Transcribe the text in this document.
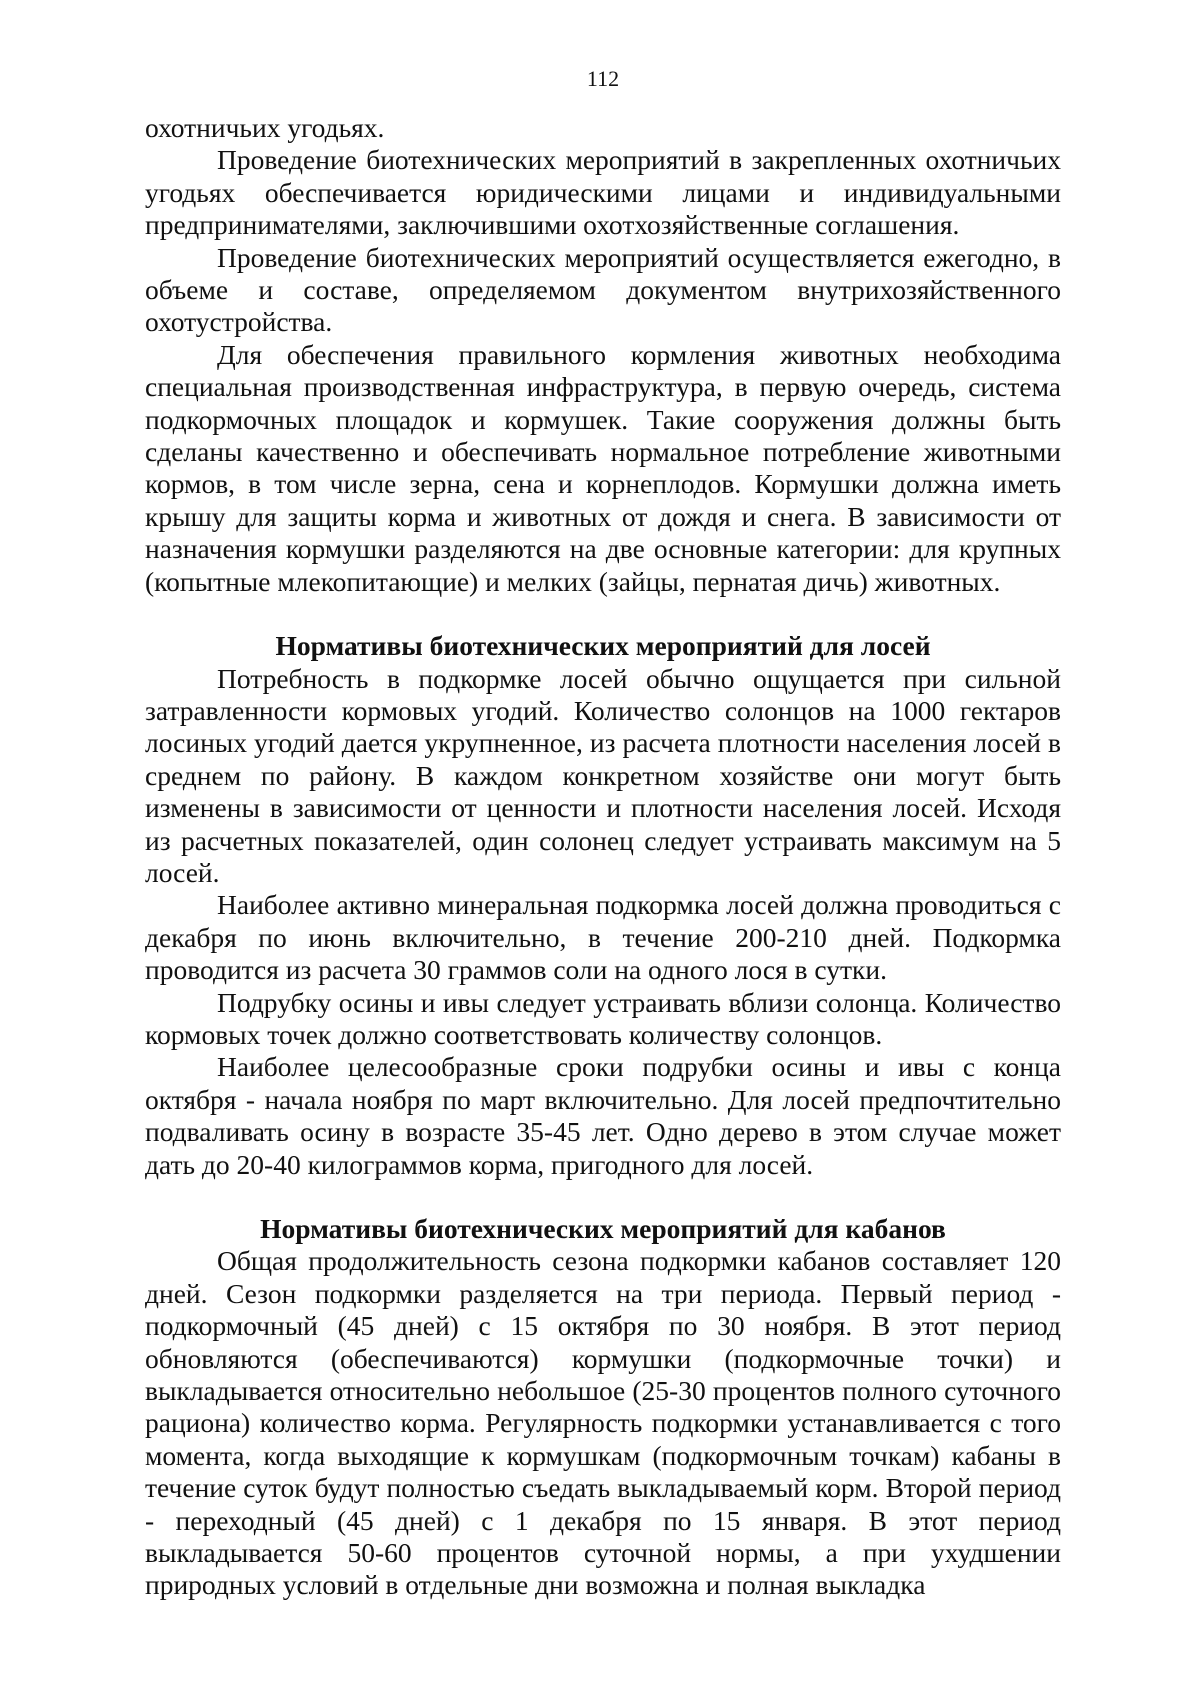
112

охотничьих угодьях.

Проведение биотехнических мероприятий в закрепленных охотничьих угодьях обеспечивается юридическими лицами и индивидуальными предпринимателями, заключившими охотхозяйственные соглашения.

Проведение биотехнических мероприятий осуществляется ежегодно, в объеме и составе, определяемом документом внутрихозяйственного охотустройства.

Для обеспечения правильного кормления животных необходима специальная производственная инфраструктура, в первую очередь, система подкормочных площадок и кормушек. Такие сооружения должны быть сделаны качественно и обеспечивать нормальное потребление животными кормов, в том числе зерна, сена и корнеплодов. Кормушки должна иметь крышу для защиты корма и животных от дождя и снега. В зависимости от назначения кормушки разделяются на две основные категории: для крупных (копытные млекопитающие) и мелких (зайцы, пернатая дичь) животных.

Нормативы биотехнических мероприятий для лосей

Потребность в подкормке лосей обычно ощущается при сильной затравленности кормовых угодий. Количество солонцов на 1000 гектаров лосиных угодий дается укрупненное, из расчета плотности населения лосей в среднем по району. В каждом конкретном хозяйстве они могут быть изменены в зависимости от ценности и плотности населения лосей. Исходя из расчетных показателей, один солонец следует устраивать максимум на 5 лосей.

Наиболее активно минеральная подкормка лосей должна проводиться с декабря по июнь включительно, в течение 200-210 дней. Подкормка проводится из расчета 30 граммов соли на одного лося в сутки.

Подрубку осины и ивы следует устраивать вблизи солонца. Количество кормовых точек должно соответствовать количеству солонцов.

Наиболее целесообразные сроки подрубки осины и ивы с конца октября - начала ноября по март включительно. Для лосей предпочтительно подваливать осину в возрасте 35-45 лет. Одно дерево в этом случае может дать до 20-40 килограммов корма, пригодного для лосей.

Нормативы биотехнических мероприятий для кабанов

Общая продолжительность сезона подкормки кабанов составляет 120 дней. Сезон подкормки разделяется на три периода. Первый период - подкормочный (45 дней) с 15 октября по 30 ноября. В этот период обновляются (обеспечиваются) кормушки (подкормочные точки) и выкладывается относительно небольшое (25-30 процентов полного суточного рациона) количество корма. Регулярность подкормки устанавливается с того момента, когда выходящие к кормушкам (подкормочным точкам) кабаны в течение суток будут полностью съедать выкладываемый корм. Второй период - переходный (45 дней) с 1 декабря по 15 января. В этот период выкладывается 50-60 процентов суточной нормы, а при ухудшении природных условий в отдельные дни возможна и полная выкладка
